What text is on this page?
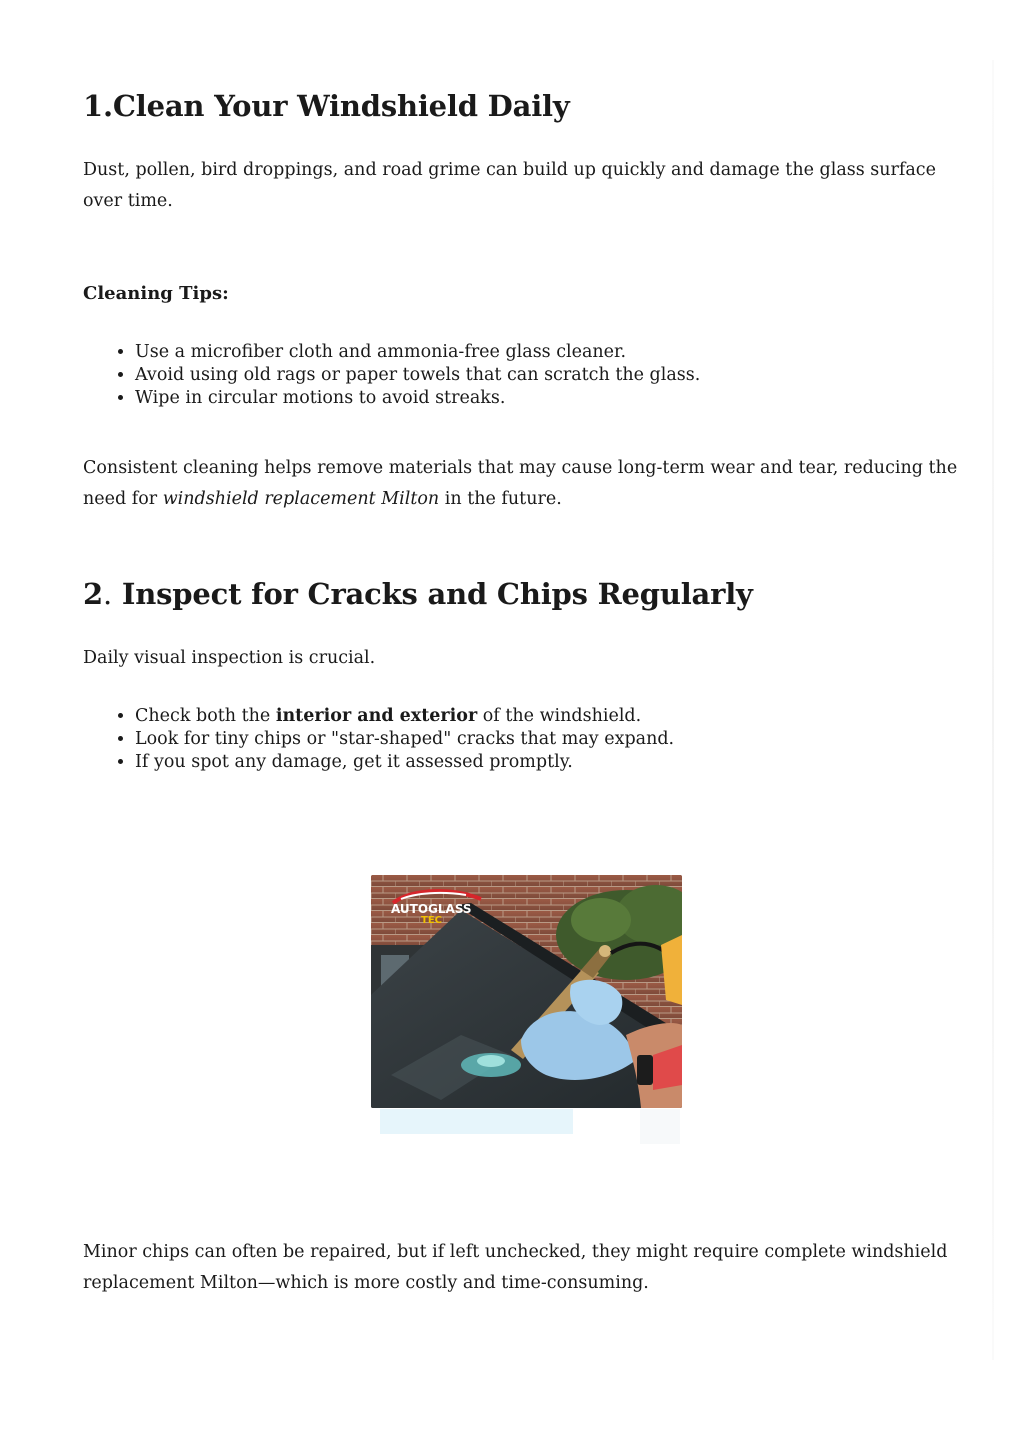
1.Clean Your Windshield Daily

Dust, pollen, bird droppings, and road grime can build up quickly and damage the glass surface over time.

Cleaning Tips:
• Use a microfiber cloth and ammonia-free glass cleaner.
• Avoid using old rags or paper towels that can scratch the glass.
• Wipe in circular motions to avoid streaks.

Consistent cleaning helps remove materials that may cause long-term wear and tear, reducing the need for windshield replacement Milton in the future.

2. Inspect for Cracks and Chips Regularly

Daily visual inspection is crucial.

• Check both the interior and exterior of the windshield.
• Look for tiny chips or "star-shaped" cracks that may expand.
• If you spot any damage, get it assessed promptly.

Minor chips can often be repaired, but if left unchecked, they might require complete windshield replacement Milton—which is more costly and time-consuming.

AUTOGLASS
TEC
